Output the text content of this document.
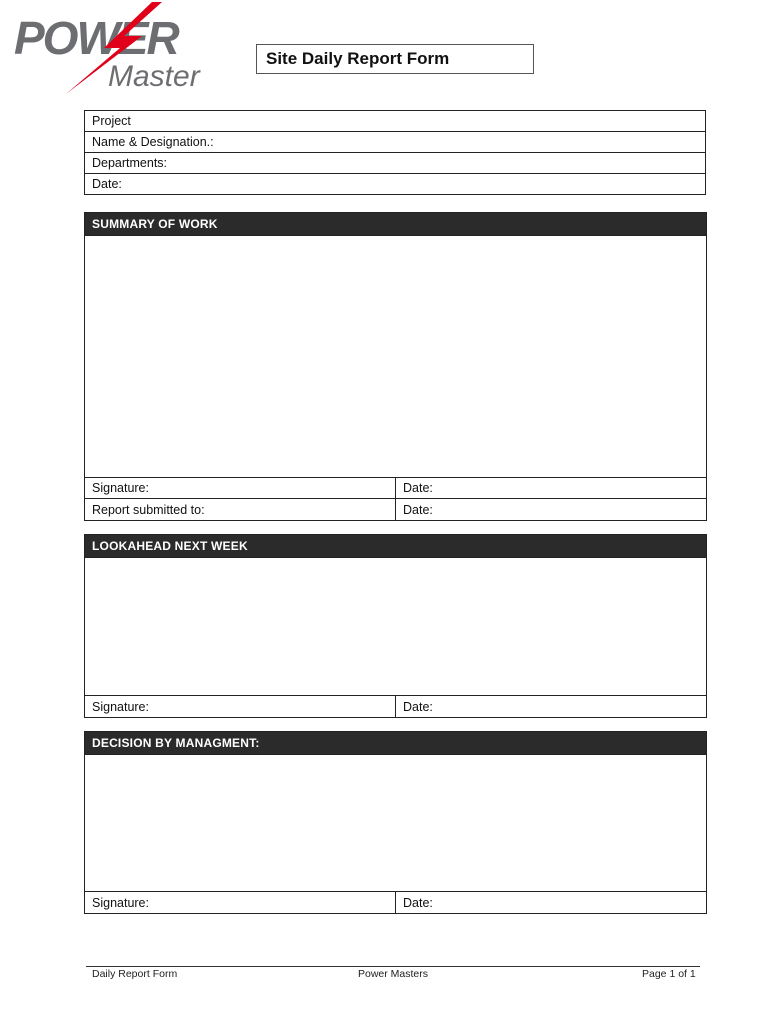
POWER
Master
Site Daily Report Form
Project
Name & Designation.:
Departments:
Date:
SUMMARY OF WORK	

Signature:	Date:
Report submitted to:	Date:
LOOKAHEAD NEXT WEEK

Signature:	Date:
DECISION BY MANAGMENT:

Signature:	Date:
Daily Report Form	Power Masters	Page 1 of 1
